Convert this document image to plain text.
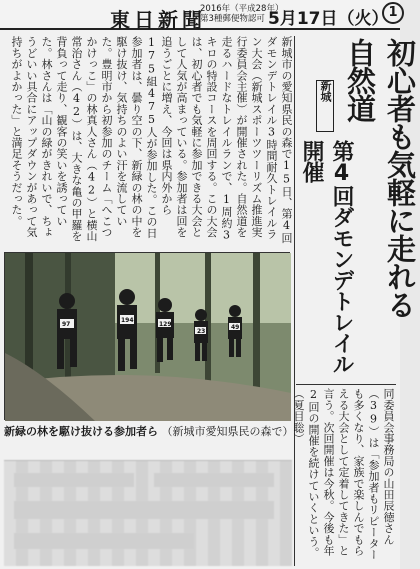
東日新聞
2016年（平成28年）
第3種郵便物認可 5月17日（火） 1
初心者も気軽に走れる自然道
新城
第4回ダモンデトレイル開催
新城市の愛知県民の森で15日、第4回ダモンデトレイル3時間耐久トレイルラン大会（新城スポーツツーリズム推進実行委員会主催）が開催された。自然道を走るハードなトレイルランで、1周約3キロの特設コースを周回する。この大会は、初心者でも気軽に参加できる大会として人気が高まっている。参加者は回を追うごとに増え、今回は県内外から175組475人が参加した。この日参加者は、曇り空の下、新緑の林の中を駆け抜け、気持ちのよい汗を流していた。豊明市から初参加のチーム「へこつかけっこ」の林真人さん（42）と横山常治さん（42）は、大きな亀の甲羅を背負って走り、観客の笑いを誘っていた。林さんは「山の緑がきれいで、ちょうどいい具合にアップダウンがあって気持ちがよかった」と満足そうだった。
97
194
129
23
49
新緑の林を駆け抜ける参加者ら （新城市愛知県民の森で）	同委員会事務局の山田辰徳さん（39）は「参加者もリピーターも多くなり、家族で楽しんでもらえる大会として定着してきた」と言う。次回開催は今秋。今後も年2回の開催を続けていくという。（夏目聡）
